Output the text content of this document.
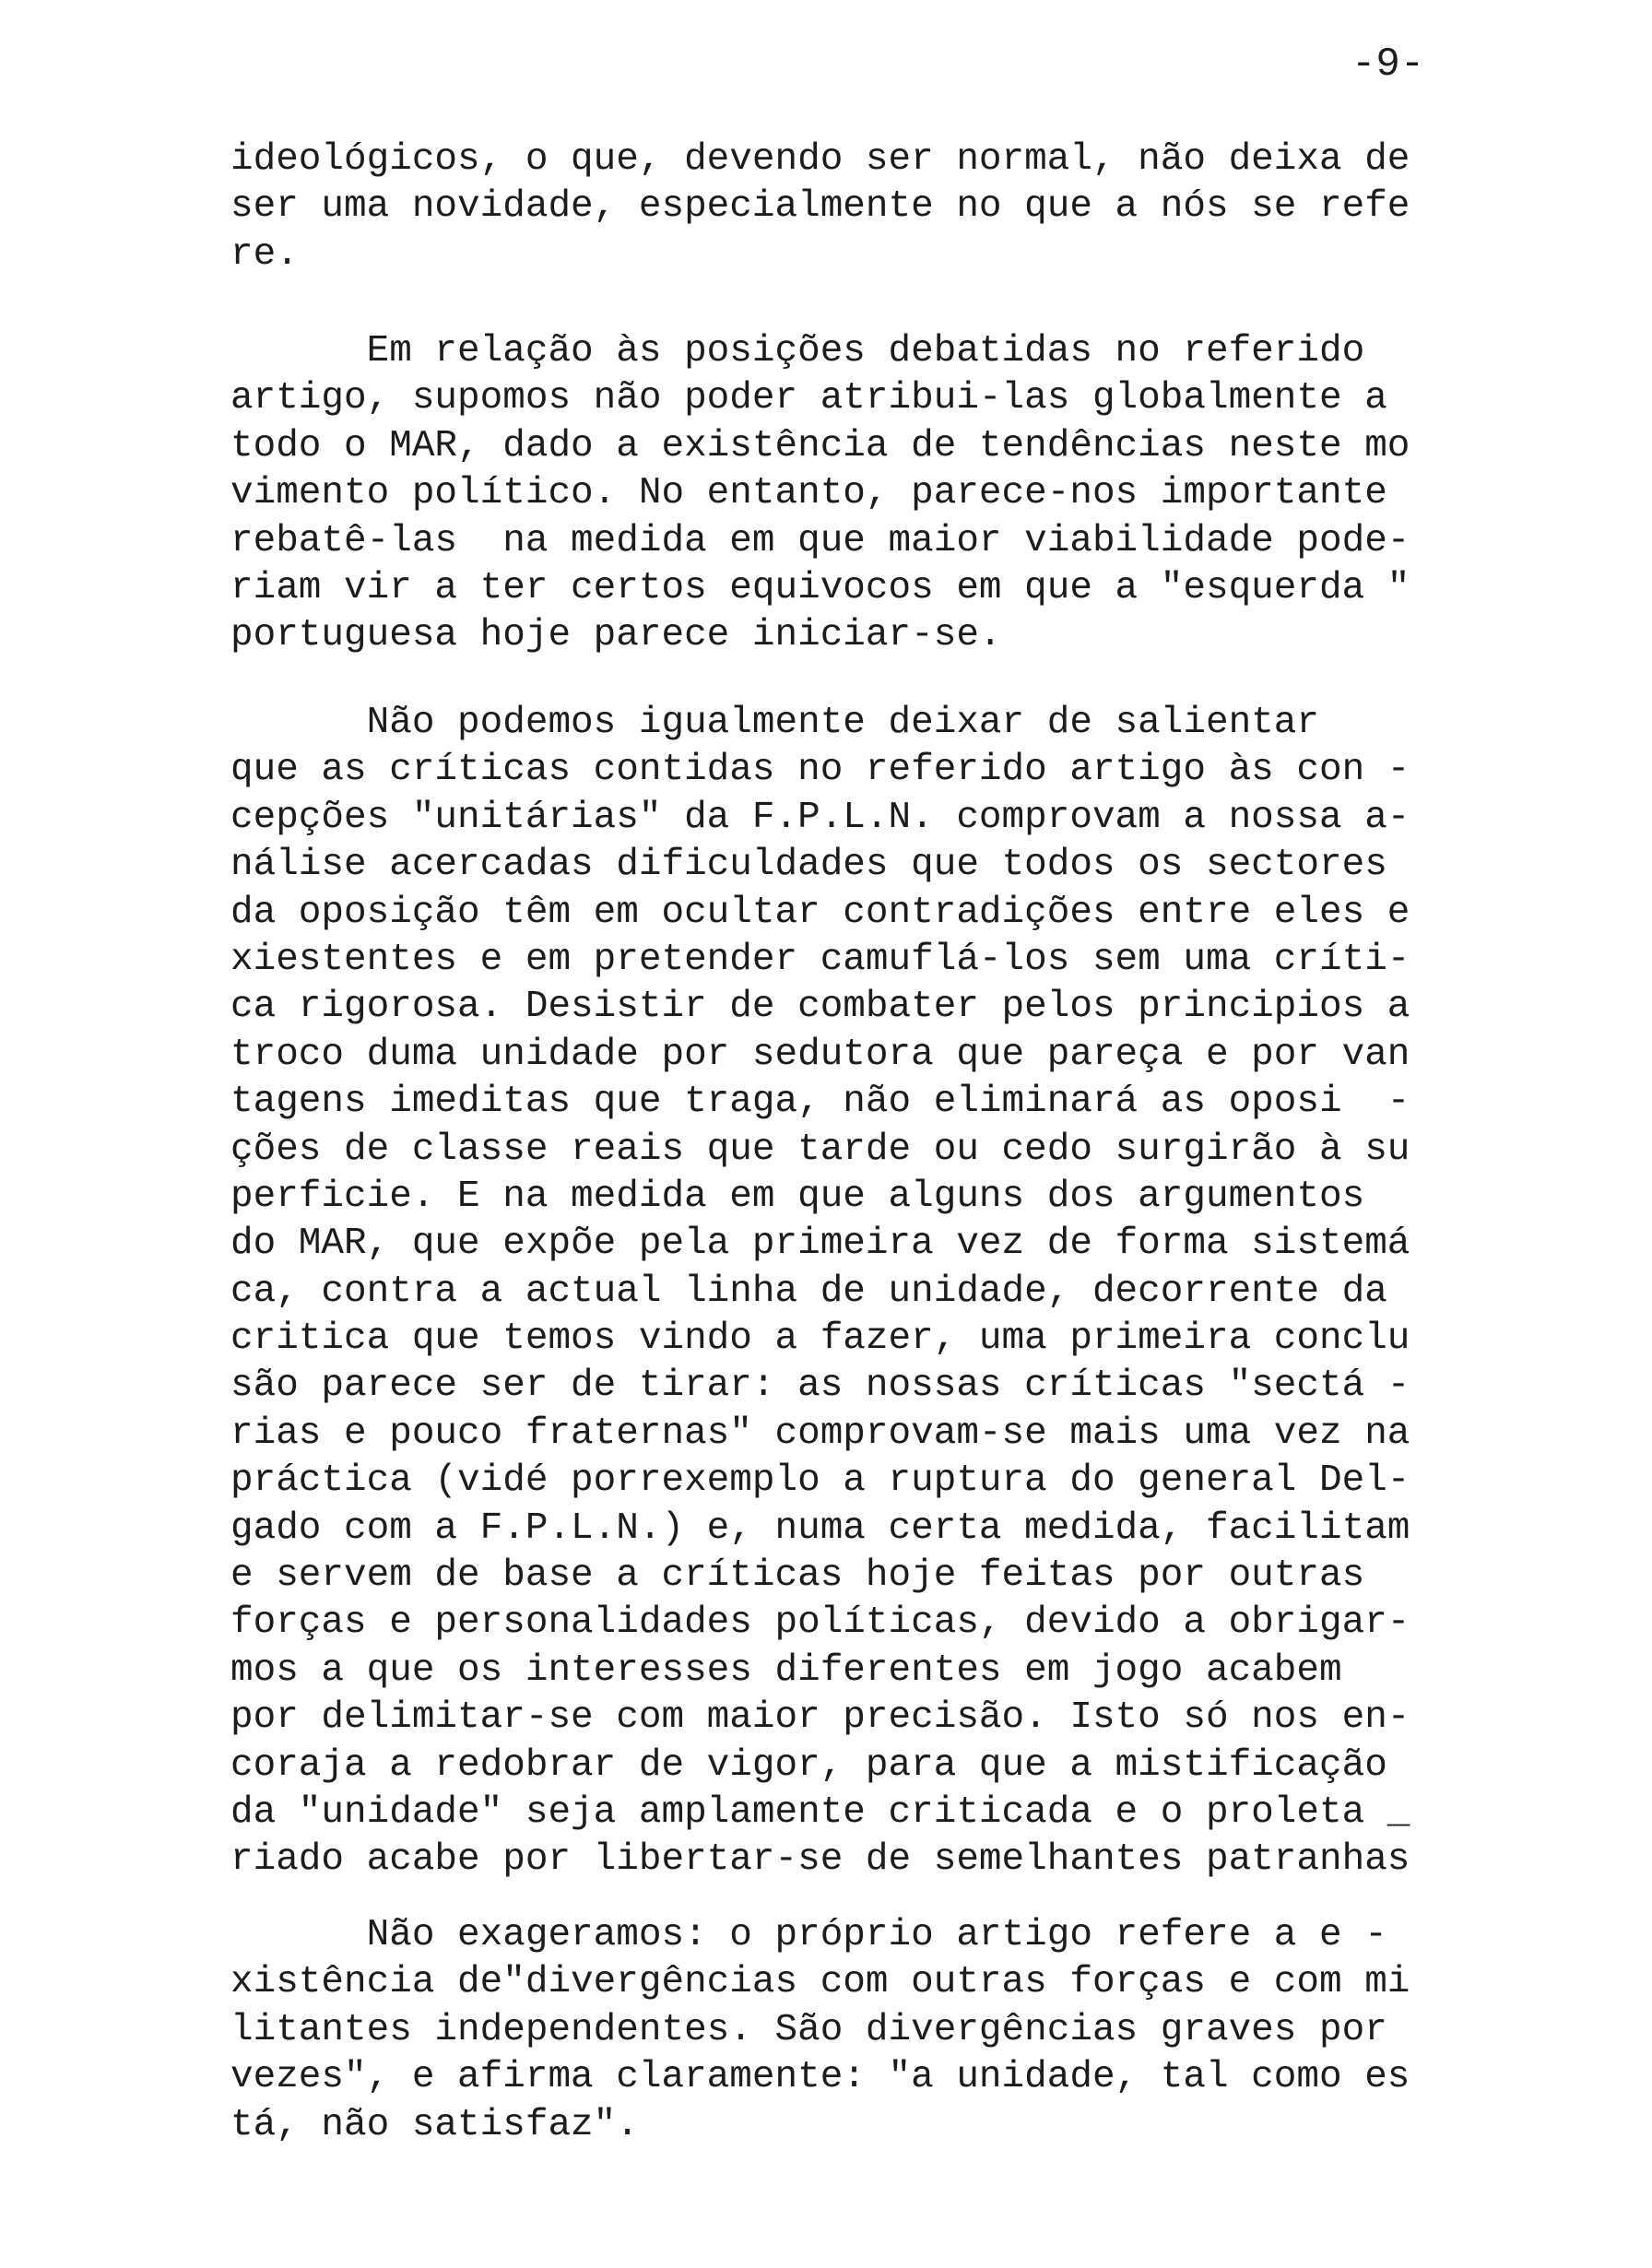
-9-
ideológicos, o que, devendo ser normal, não deixa de
ser uma novidade, especialmente no que a nós se refe
re.
Em relação às posições debatidas no referido
artigo, supomos não poder atribui-las globalmente a
todo o MAR, dado a existência de tendências neste mo
vimento político. No entanto, parece-nos importante
rebatê-las  na medida em que maior viabilidade pode-
riam vir a ter certos equivocos em que a "esquerda "
portuguesa hoje parece iniciar-se.
Não podemos igualmente deixar de salientar
que as críticas contidas no referido artigo às con -
cepções "unitárias" da F.P.L.N. comprovam a nossa a-
nálise acercadas dificuldades que todos os sectores
da oposição têm em ocultar contradições entre eles e
xiestentes e em pretender camuflá-los sem uma críti-
ca rigorosa. Desistir de combater pelos principios a
troco duma unidade por sedutora que pareça e por van
tagens imeditas que traga, não eliminará as oposi  -
ções de classe reais que tarde ou cedo surgirão à su
perficie. E na medida em que alguns dos argumentos
do MAR, que expõe pela primeira vez de forma sistemá
ca, contra a actual linha de unidade, decorrente da
critica que temos vindo a fazer, uma primeira conclu
são parece ser de tirar: as nossas críticas "sectá -
rias e pouco fraternas" comprovam-se mais uma vez na
práctica (vidé porrexemplo a ruptura do general Del-
gado com a F.P.L.N.) e, numa certa medida, facilitam
e servem de base a críticas hoje feitas por outras
forças e personalidades políticas, devido a obrigar-
mos a que os interesses diferentes em jogo acabem
por delimitar-se com maior precisão. Isto só nos en-
coraja a redobrar de vigor, para que a mistificação
da "unidade" seja amplamente criticada e o proleta _
riado acabe por libertar-se de semelhantes patranhas
Não exageramos: o próprio artigo refere a e -
xistência de"divergências com outras forças e com mi
litantes independentes. São divergências graves por
vezes", e afirma claramente: "a unidade, tal como es
tá, não satisfaz".
